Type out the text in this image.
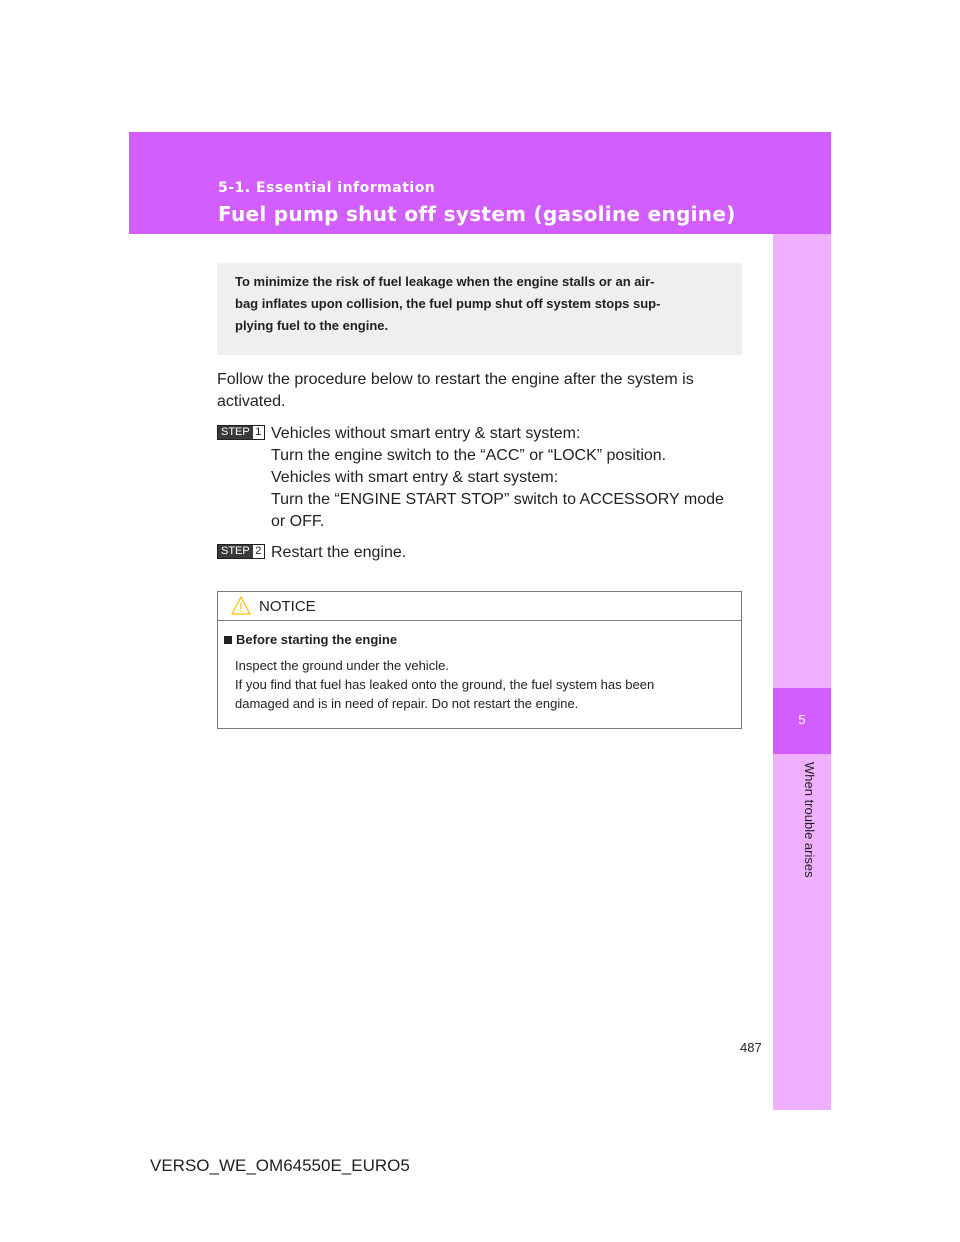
5-1. Essential information
Fuel pump shut off system (gasoline engine)
5
When trouble arises
To minimize the risk of fuel leakage when the engine stalls or an air-
bag inflates upon collision, the fuel pump shut off system stops sup-
plying fuel to the engine.
Follow the procedure below to restart the engine after the system is
activated.
STEP 1 Vehicles without smart entry & start system:
Turn the engine switch to the “ACC” or “LOCK” position.
Vehicles with smart entry & start system:
Turn the “ENGINE START STOP” switch to ACCESSORY mode
or OFF.
STEP 2 Restart the engine.
NOTICE
Before starting the engine
Inspect the ground under the vehicle.
If you find that fuel has leaked onto the ground, the fuel system has been
damaged and is in need of repair. Do not restart the engine.
487
VERSO_WE_OM64550E_EURO5
